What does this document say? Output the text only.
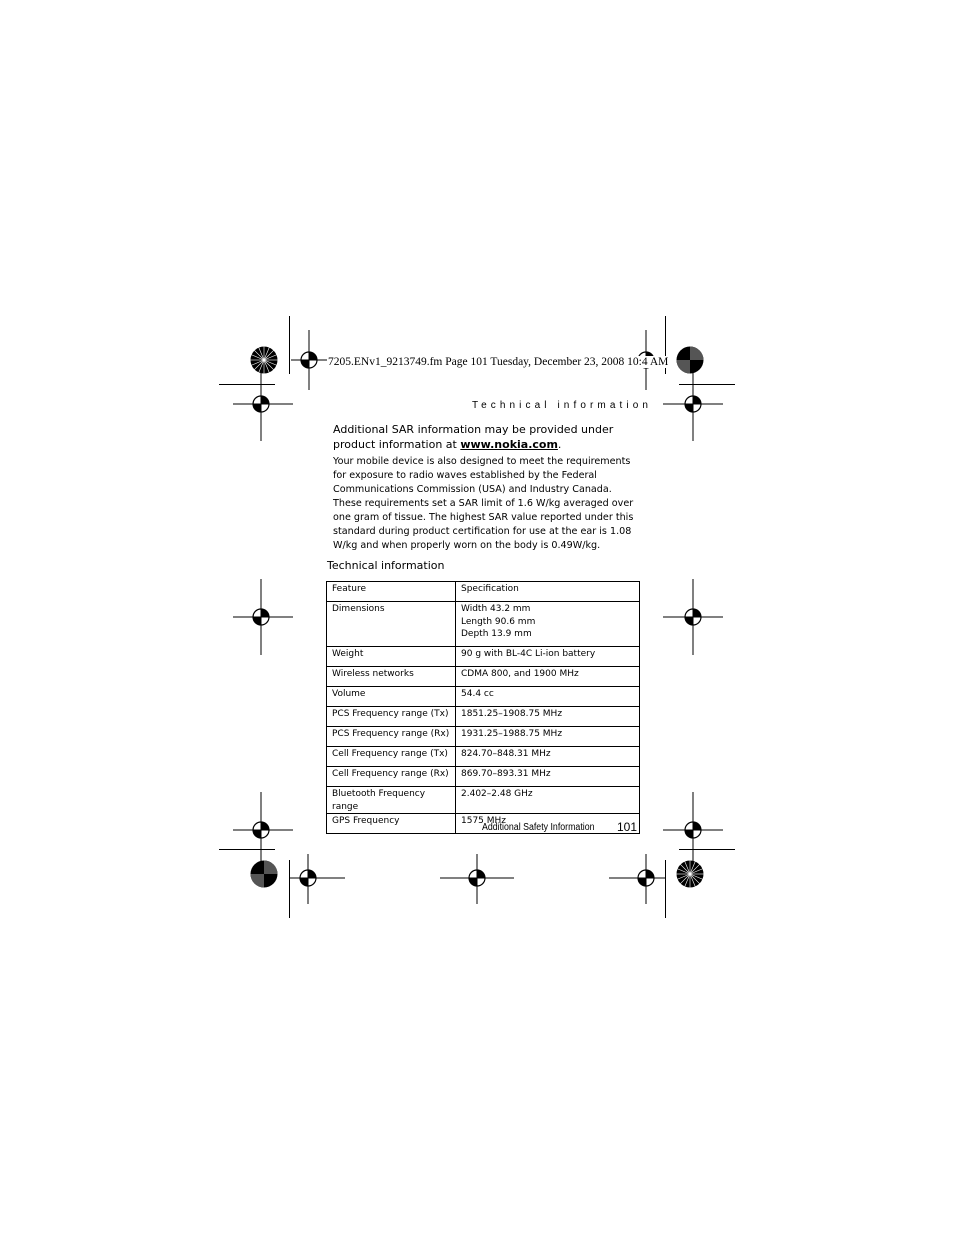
7205.ENv1_9213749.fm Page 101 Tuesday, December 23, 2008 10:4 AM
Technical information
Additional SAR information may be provided under product information at www.nokia.com.
Your mobile device is also designed to meet the requirements for exposure to radio waves established by the Federal Communications Commission (USA) and Industry Canada. These requirements set a SAR limit of 1.6 W/kg averaged over one gram of tissue. The highest SAR value reported under this standard during product certification for use at the ear is 1.08 W/kg and when properly worn on the body is 0.49W/kg.
Technical information
Feature	Specification
Dimensions	Width 43.2 mm
Length 90.6 mm
Depth 13.9 mm

Weight	90 g with BL-4C Li-ion battery
Wireless networks	CDMA 800, and 1900 MHz
Volume	54.4 cc
PCS Frequency range (Tx)	1851.25–1908.75 MHz
PCS Frequency range (Rx)	1931.25–1988.75 MHz
Cell Frequency range (Tx)	824.70–848.31 MHz
Cell Frequency range (Rx)	869.70–893.31 MHz
Bluetooth Frequency range	2.402–2.48 GHz
GPS Frequency	1575 MHz
Additional Safety Information 101
